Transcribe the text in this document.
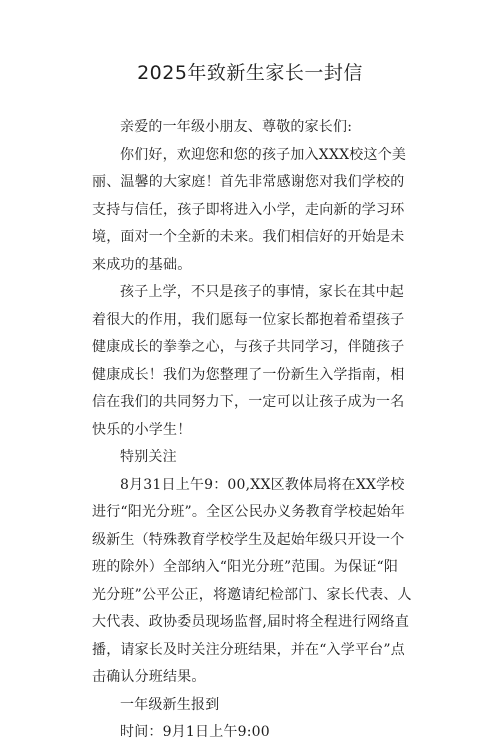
2025年致新生家长一封信

亲爱的一年级小朋友、尊敬的家长们:

你们好，欢迎您和您的孩子加入XXX校这个美丽、温馨的大家庭！首先非常感谢您对我们学校的支持与信任，孩子即将进入小学，走向新的学习环境，面对一个全新的未来。我们相信好的开始是未来成功的基础。

孩子上学，不只是孩子的事情，家长在其中起着很大的作用，我们愿每一位家长都抱着希望孩子健康成长的拳拳之心，与孩子共同学习，伴随孩子健康成长！我们为您整理了一份新生入学指南，相信在我们的共同努力下，一定可以让孩子成为一名快乐的小学生！

特别关注

8月31日上午9：00,XX区教体局将在XX学校进行“阳光分班”。全区公民办义务教育学校起始年级新生（特殊教育学校学生及起始年级只开设一个班的除外）全部纳入“阳光分班”范围。为保证“阳光分班”公平公正，将邀请纪检部门、家长代表、人大代表、政协委员现场监督,届时将全程进行网络直播，请家长及时关注分班结果，并在“入学平台”点击确认分班结果。

一年级新生报到

时间：9月1日上午9:00
